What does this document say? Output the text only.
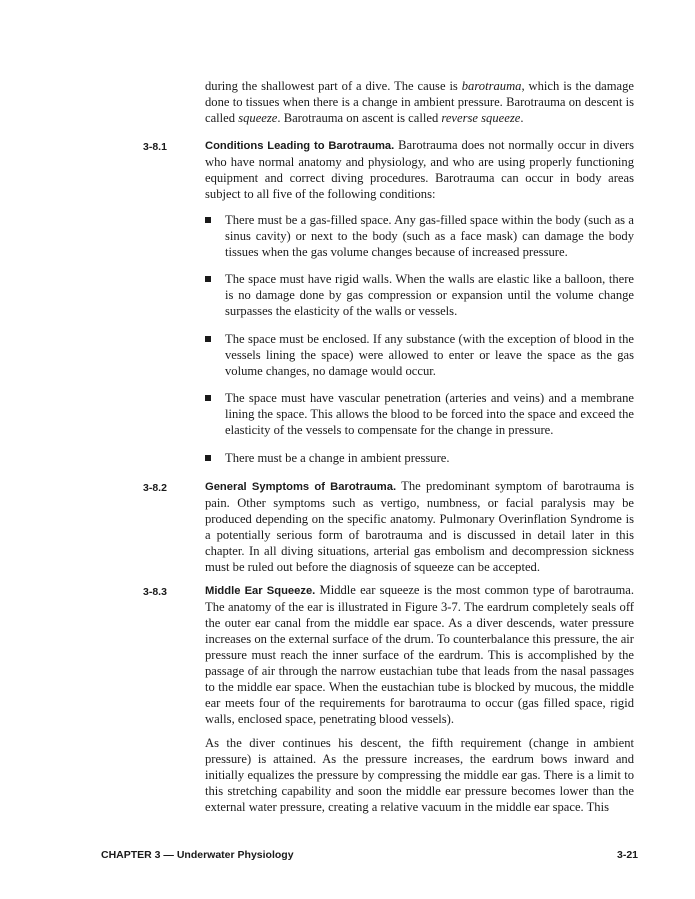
during the shallowest part of a dive. The cause is barotrauma, which is the damage done to tissues when there is a change in ambient pressure. Barotrauma on descent is called squeeze. Barotrauma on ascent is called reverse squeeze.

3-8.1	Conditions Leading to Barotrauma. Barotrauma does not normally occur in divers who have normal anatomy and physiology, and who are using properly functioning equipment and correct diving procedures. Barotrauma can occur in body areas subject to all five of the following conditions:

There must be a gas-filled space. Any gas-filled space within the body (such as a sinus cavity) or next to the body (such as a face mask) can damage the body tissues when the gas volume changes because of increased pressure.

The space must have rigid walls. When the walls are elastic like a balloon, there is no damage done by gas compression or expansion until the volume change surpasses the elasticity of the walls or vessels.

The space must be enclosed. If any substance (with the exception of blood in the vessels lining the space) were allowed to enter or leave the space as the gas volume changes, no damage would occur.

The space must have vascular penetration (arteries and veins) and a membrane lining the space. This allows the blood to be forced into the space and exceed the elasticity of the vessels to compensate for the change in pressure.

There must be a change in ambient pressure.

3-8.2	General Symptoms of Barotrauma. The predominant symptom of barotrauma is pain. Other symptoms such as vertigo, numbness, or facial paralysis may be produced depending on the specific anatomy. Pulmonary Overinflation Syndrome is a potentially serious form of barotrauma and is discussed in detail later in this chapter. In all diving situations, arterial gas embolism and decompression sickness must be ruled out before the diagnosis of squeeze can be accepted.

3-8.3	Middle Ear Squeeze. Middle ear squeeze is the most common type of barotrauma. The anatomy of the ear is illustrated in Figure 3-7. The eardrum completely seals off the outer ear canal from the middle ear space. As a diver descends, water pressure increases on the external surface of the drum. To counterbalance this pressure, the air pressure must reach the inner surface of the eardrum. This is accomplished by the passage of air through the narrow eustachian tube that leads from the nasal passages to the middle ear space. When the eustachian tube is blocked by mucous, the middle ear meets four of the requirements for barotrauma to occur (gas filled space, rigid walls, enclosed space, penetrating blood vessels).

As the diver continues his descent, the fifth requirement (change in ambient pressure) is attained. As the pressure increases, the eardrum bows inward and initially equalizes the pressure by compressing the middle ear gas. There is a limit to this stretching capability and soon the middle ear pressure becomes lower than the external water pressure, creating a relative vacuum in the middle ear space. This

CHAPTER 3 — Underwater Physiology	3-21
